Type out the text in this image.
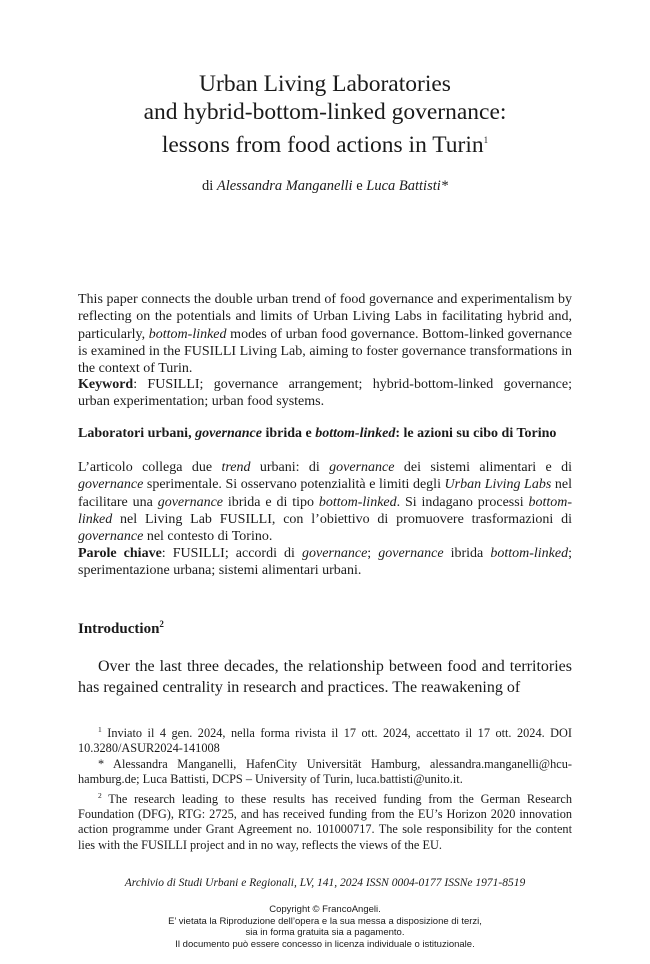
Urban Living Laboratories
and hybrid-bottom-linked governance:
lessons from food actions in Turin$^1$
di Alessandra Manganelli e Luca Battisti*

This paper connects the double urban trend of food governance and experimentalism by reflecting on the potentials and limits of Urban Living Labs in facilitating hybrid and, particularly, bottom-linked modes of urban food governance. Bottom-linked governance is examined in the FUSILLI Living Lab, aiming to foster governance transformations in the context of Turin.

Keyword: FUSILLI; governance arrangement; hybrid-bottom-linked governance; urban experimentation; urban food systems.

Laboratori urbani, governance ibrida e bottom-linked: le azioni su cibo di Torino

L’articolo collega due trend urbani: di governance dei sistemi alimentari e di governance sperimentale. Si osservano potenzialità e limiti degli Urban Living Labs nel facilitare una governance ibrida e di tipo bottom-linked. Si indagano processi bottom-linked nel Living Lab FUSILLI, con l’obiettivo di promuovere trasformazioni di governance nel contesto di Torino.

Parole chiave: FUSILLI; accordi di governance; governance ibrida bottom-linked; sperimentazione urbana; sistemi alimentari urbani.

Introduction$^2$

Over the last three decades, the relationship between food and territories has regained centrality in research and practices. The reawakening of

$^1$ Inviato il 4 gen. 2024, nella forma rivista il 17 ott. 2024, accettato il 17 ott. 2024. DOI 10.3280/ASUR2024-141008

* Alessandra Manganelli, HafenCity Universität Hamburg, alessandra.manganelli@hcu-hamburg.de; Luca Battisti, DCPS – University of Turin, luca.battisti@unito.it.

$^2$ The research leading to these results has received funding from the German Research Foundation (DFG), RTG: 2725, and has received funding from the EU’s Horizon 2020 innovation action programme under Grant Agreement no. 101000717. The sole responsibility for the content lies with the FUSILLI project and in no way, reflects the views of the EU.

Archivio di Studi Urbani e Regionali, LV, 141, 2024 ISSN 0004-0177 ISSNe 1971-8519
Copyright © FrancoAngeli.
E’ vietata la Riproduzione dell’opera e la sua messa a disposizione di terzi,
sia in forma gratuita sia a pagamento.
Il documento può essere concesso in licenza individuale o istituzionale.
